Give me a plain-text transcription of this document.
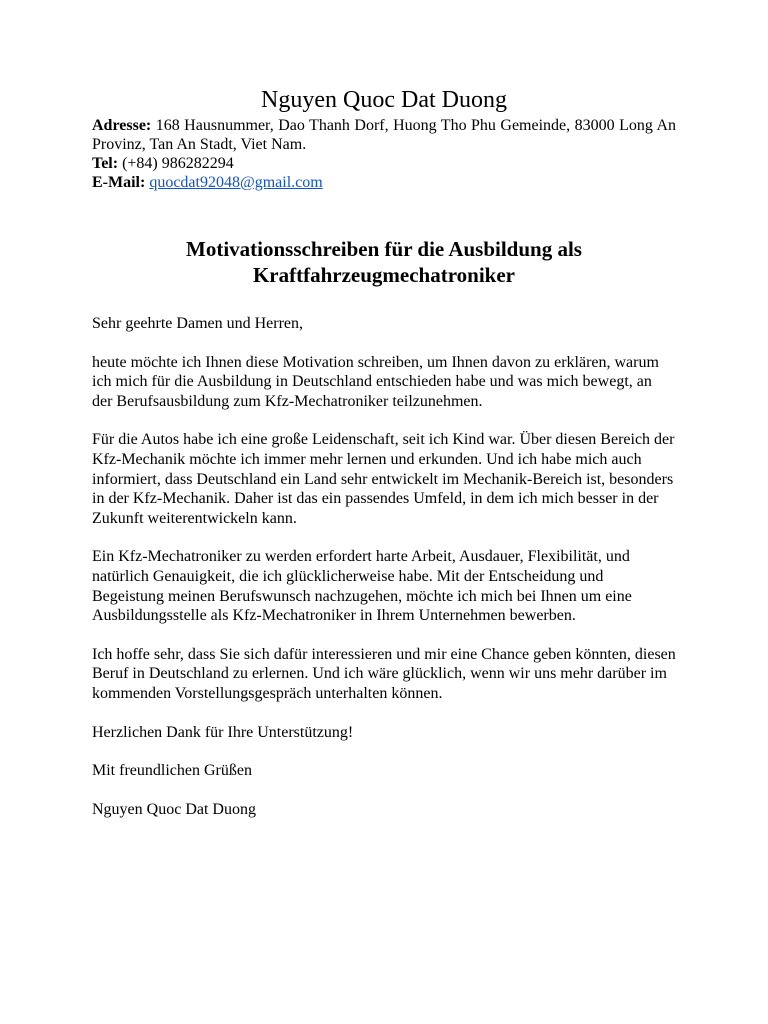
Nguyen Quoc Dat Duong

Adresse: 168 Hausnummer, Dao Thanh Dorf, Huong Tho Phu Gemeinde, 83000 Long An Provinz, Tan An Stadt, Viet Nam.

Tel: (+84) 986282294

E-Mail: quocdat92048@gmail.com

Motivationsschreiben für die Ausbildung als Kraftfahrzeugmechatroniker

Sehr geehrte Damen und Herren,

heute möchte ich Ihnen diese Motivation schreiben, um Ihnen davon zu erklären, warum ich mich für die Ausbildung in Deutschland entschieden habe und was mich bewegt, an der Berufsausbildung zum Kfz-Mechatroniker teilzunehmen.

Für die Autos habe ich eine große Leidenschaft, seit ich Kind war. Über diesen Bereich der Kfz-Mechanik möchte ich immer mehr lernen und erkunden. Und ich habe mich auch informiert, dass Deutschland ein Land sehr entwickelt im Mechanik-Bereich ist, besonders in der Kfz-Mechanik. Daher ist das ein passendes Umfeld, in dem ich mich besser in der Zukunft weiterentwickeln kann.

Ein Kfz-Mechatroniker zu werden erfordert harte Arbeit, Ausdauer, Flexibilität, und natürlich Genauigkeit, die ich glücklicherweise habe. Mit der Entscheidung und Begeistung meinen Berufswunsch nachzugehen, möchte ich mich bei Ihnen um eine Ausbildungsstelle als Kfz-Mechatroniker in Ihrem Unternehmen bewerben.

Ich hoffe sehr, dass Sie sich dafür interessieren und mir eine Chance geben könnten, diesen Beruf in Deutschland zu erlernen. Und ich wäre glücklich, wenn wir uns mehr darüber im kommenden Vorstellungsgespräch unterhalten können.

Herzlichen Dank für Ihre Unterstützung!

Mit freundlichen Grüßen

Nguyen Quoc Dat Duong
